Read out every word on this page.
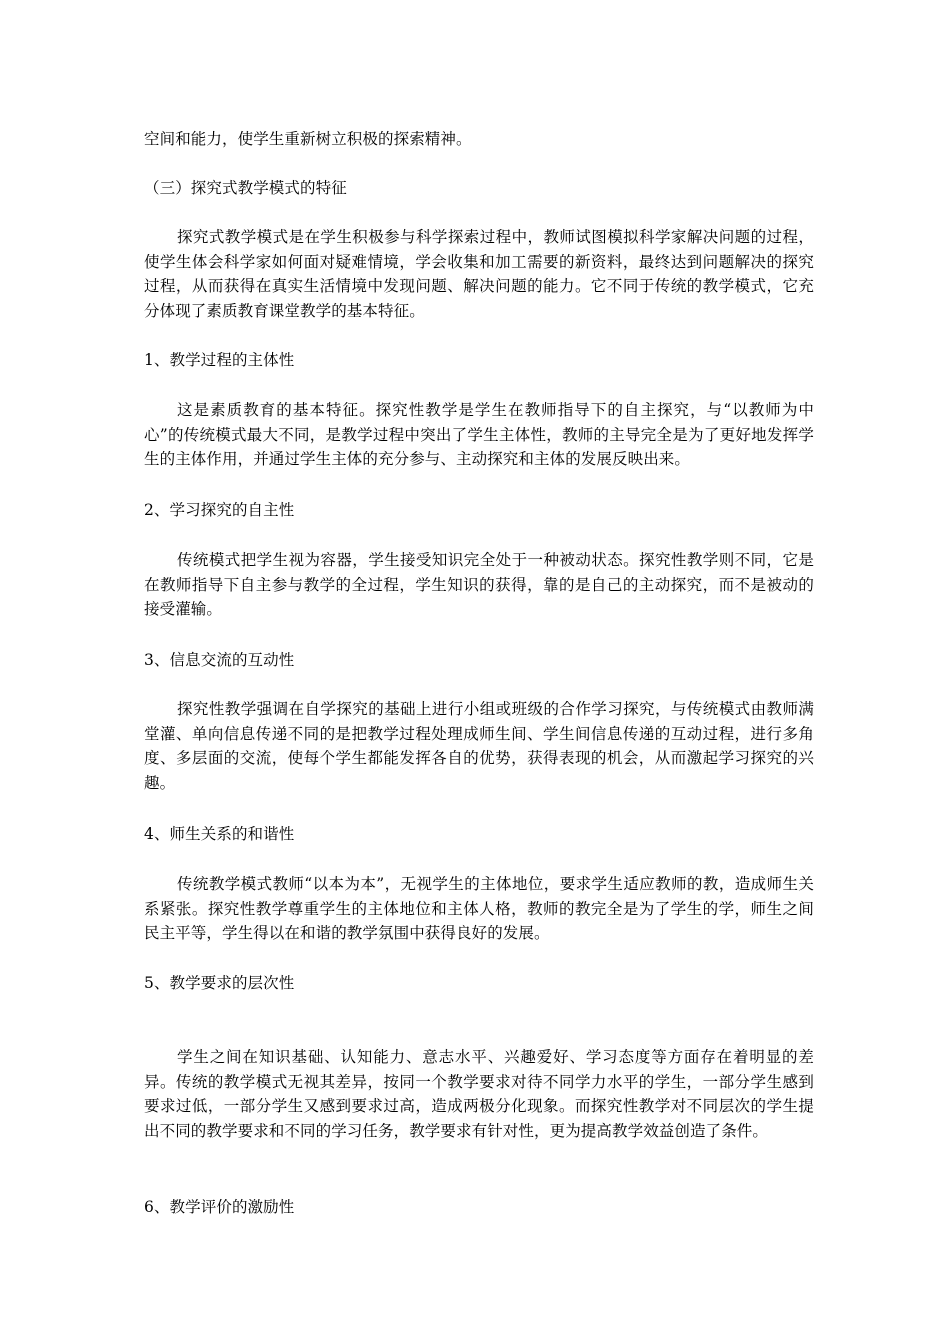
空间和能力，使学生重新树立积极的探索精神。

（三）探究式教学模式的特征

探究式教学模式是在学生积极参与科学探索过程中，教师试图模拟科学家解决问题的过程，使学生体会科学家如何面对疑难情境，学会收集和加工需要的新资料，最终达到问题解决的探究过程，从而获得在真实生活情境中发现问题、解决问题的能力。它不同于传统的教学模式，它充分体现了素质教育课堂教学的基本特征。

1、教学过程的主体性

这是素质教育的基本特征。探究性教学是学生在教师指导下的自主探究，与“以教师为中心”的传统模式最大不同，是教学过程中突出了学生主体性，教师的主导完全是为了更好地发挥学生的主体作用，并通过学生主体的充分参与、主动探究和主体的发展反映出来。

2、学习探究的自主性

传统模式把学生视为容器，学生接受知识完全处于一种被动状态。探究性教学则不同，它是在教师指导下自主参与教学的全过程，学生知识的获得，靠的是自己的主动探究，而不是被动的接受灌输。

3、信息交流的互动性

探究性教学强调在自学探究的基础上进行小组或班级的合作学习探究，与传统模式由教师满堂灌、单向信息传递不同的是把教学过程处理成师生间、学生间信息传递的互动过程，进行多角度、多层面的交流，使每个学生都能发挥各自的优势，获得表现的机会，从而激起学习探究的兴趣。

4、师生关系的和谐性

传统教学模式教师“以本为本”，无视学生的主体地位，要求学生适应教师的教，造成师生关系紧张。探究性教学尊重学生的主体地位和主体人格，教师的教完全是为了学生的学，师生之间民主平等，学生得以在和谐的教学氛围中获得良好的发展。

5、教学要求的层次性

学生之间在知识基础、认知能力、意志水平、兴趣爱好、学习态度等方面存在着明显的差异。传统的教学模式无视其差异，按同一个教学要求对待不同学力水平的学生，一部分学生感到要求过低，一部分学生又感到要求过高，造成两极分化现象。而探究性教学对不同层次的学生提出不同的教学要求和不同的学习任务，教学要求有针对性，更为提高教学效益创造了条件。

6、教学评价的激励性
